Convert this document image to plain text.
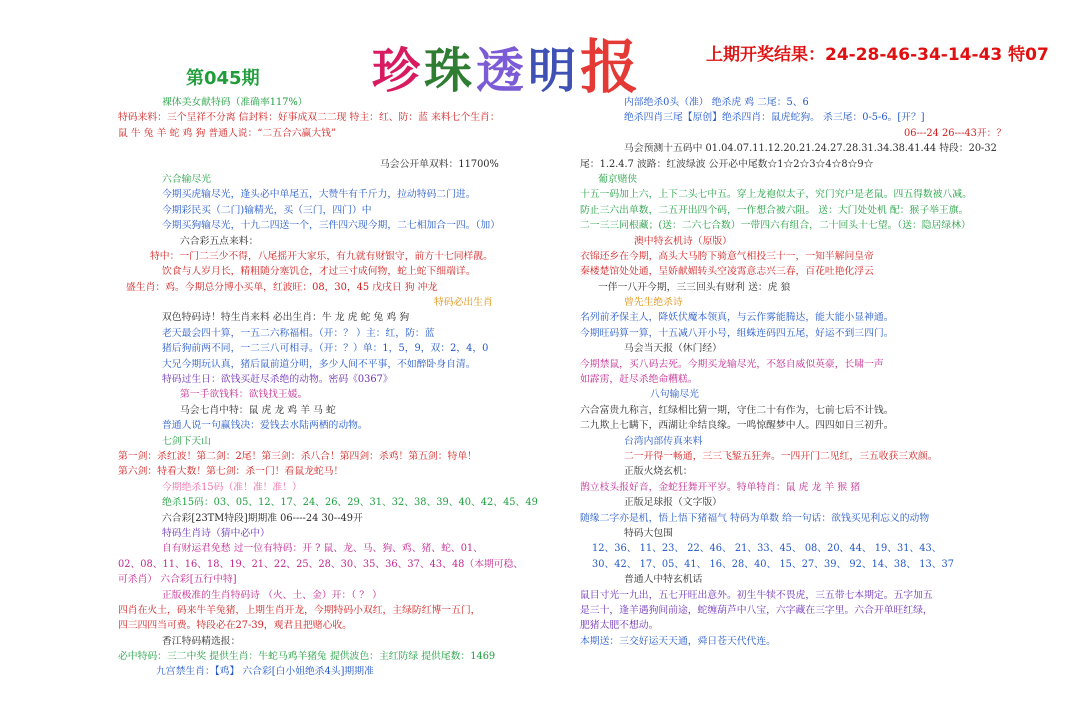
珍珠透明报	上期开奖结果：24-28-46-34-14-43 特07
第045期
裸体美女献特码（准确率117%）
特码来料：三个呈祥不分离 信封料：好事成双二二现 特主：红、防：蓝 来料七个生肖：
鼠 牛 兔 羊 蛇 鸡 狗 普通人说：“二五合六赢大钱”
马会公开单双料：11700%
六合输尽光
今期买虎输尽光，逢头必中单尾五，大赞牛有千斤力，拉动特码二门进。
今期彩民买（二门)输精光，买（三门，四门）中
今期买狗输尽光，十九二四送一个，三件四六现今期，二七相加合一四。（加）
六合彩五点来料：
特中：一门二三少不得，八尾摇开大家乐，有九就有财银守，前方十七同样靓。
饮食与人岁月长，精粗随分塞饥仓，才过三寸成何物，蛇上蛇下细端详。
盛生肖：鸡。今期总分博小买单，红波旺：08，30，45 戊戌日 狗 冲龙
特码必出生肖
双色特码诗！特生肖来料 必出生肖：牛 龙 虎 蛇 兔 鸡 狗
老天最会四十算，一五二六称福相。（开：？ ）主：红，防：蓝
猪后狗前两不同，一二三八可相寻。（开：？）单：1，5，9，双：2，4，0
大兄今期玩认真，猪后鼠前道分明，多少人间不平事，不如醉卧身自清。
特码过生日：欲钱买赶尽杀绝的动物。密码《0367》
第一手欲钱料：欲钱找王媛。
马会七肖中特：鼠 虎 龙 鸡 羊 马 蛇
普通人说一句赢钱决：爱钱去水陆两栖的动物。
七剑下天山
第一剑：杀红波！第二剑：2尾！第三剑：杀八合！第四剑：杀鸡！第五剑：特单！
第六剑：特看大数！第七剑：杀一门！看鼠龙蛇马！
今期绝杀15码（准！准！准！）
绝杀15码：03、05、12、17、24、26、29、31、32、38、39、40、42、45、49
六合彩[23TM特段]期期准 06----24 30--49开
特码生肖诗（猜中必中）
自有财运君免愁 过一位有特码：开 ? 鼠、龙、马、狗、鸡、猪、蛇、01、
02、08、11、16、18、19、21、22、25、28、30、35、36、37、43、48（本期可稳、
可杀肖） 六合彩[五行中特]
正版极准的生肖特码诗 （火、土、金）开：（ ？ ）
四肖在火土，码来牛羊兔猪，上期生肖开龙，今期特码小双红，主绿防红博一五门，
四三四四当可费。特段必在27-39，观君且把赌心收。
香江特码精选报：
必中特码：三二中奖 提供生肖：牛蛇马鸡羊猪兔 提供波色：主红防绿 提供尾数：1469
九宫禁生肖：【鸡】 六合彩[白小姐绝杀4头]期期准
内部绝杀0头（准） 绝杀虎 鸡 二尾：5、6
绝杀四肖三尾【原创】绝杀四肖：鼠虎蛇狗。 杀三尾：0-5-6。[开？]
06---24 26---43开：？
马会预测十五码中 01.04.07.11.12.20.21.24.27.28.31.34.38.41.44 特段：20-32
尾：1.2.4.7 波路：红波绿波 公开必中尾数☆1☆2☆3☆4☆8☆9☆
葡京赌侠
十五一码加上六，上下二头七中五。穿上龙袍似太子，究门究户是老鼠。四五得数被八减。
防止三六出单数，二五开出四个码，一作想合被六阻。 送：大门处处机 配：猴子举王旗。
二一三三同根藏；(送：二六七合数）一带四六有组合，二十回头十七望。（送：隐居绿林）
澳中特玄机诗（原版）
衣锦还乡在今期，高头大马胯下骑意气相投三十一，一知半解问皇帝
秦楼楚馆处处通，呈娇献媚转头空凌霄意志兴三春，百花吐艳化浮云
一伴一八开今期，三三回头有财利 送：虎 狼
曾先生绝杀诗
名列前矛保主人，降妖伏魔本领真，与云作雾能腾达，能大能小显神通。
今期旺码算一算，十五减八开小号，组蛛连码四五尾，好运不到三四门。
马会当天报（休门经）
今期禁鼠，买八码去死。今期买龙输尽光，不怒自威似英豪，长啸一声
如霹雳，赶尽杀绝命糟糕。
八句输尽光
六合富贵九称言，红绿相比猜一期，守住二十有作为，七前七后不计钱。
二九欺上七瞒下，西湖让伞结良缘。一鸣惊醒梦中人。四四如日三初升。
台湾内部传真来料
二一开得一畅通，三三飞錾五狂奔。一四开门二见红，三五收获三欢颜。
正版火烧玄机：
鹊立枝头报好音，金蛇狂舞开平岁。特单特肖：鼠 虎 龙 羊 猴 猪
正版足球报（文字版）
随缘二字亦是机，悟上悟下猪福气 特码为单数 给一句话：欲钱买见利忘义的动物
特码大包围
12、36、 11、23、 22、46、 21、33、45、 08、20、44、 19、31、43、
30、42、 17、05、41、 16、28、40、 15、27、39、 92、14、38、 13、37
普通人中特玄机话
鼠目寸光一九出，五七开旺出意外。初生牛犊不畏虎，三五带七本期定。五字加五
是三十，逢羊遇狗间前途，蛇缠葫芦中八宝，六字藏在三字里。六合开单旺红绿，
肥猪太肥不想动。
本期送：三交好运天天通，舜日苍天代代连。
